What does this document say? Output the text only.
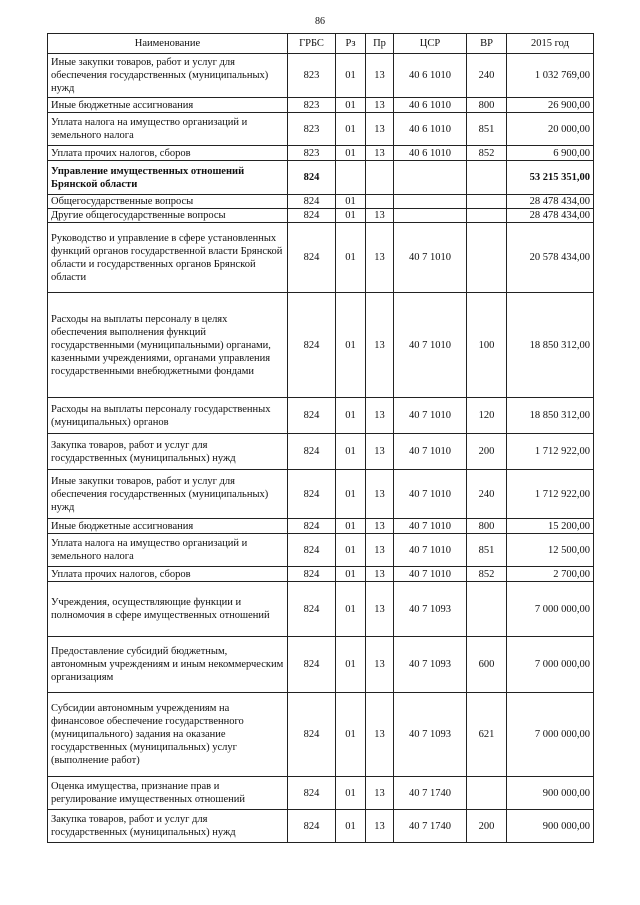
86
Наименование	ГРБС	Рз	Пр	ЦСР	ВР	2015 год
Иные закупки товаров, работ и услуг для обеспечения государственных (муниципальных) нужд	823	01	13	40 6 1010	240	1 032 769,00
Иные бюджетные ассигнования	823	01	13	40 6 1010	800	26 900,00
Уплата налога на имущество организаций и земельного налога	823	01	13	40 6 1010	851	20 000,00
Уплата прочих налогов, сборов	823	01	13	40 6 1010	852	6 900,00
Управление имущественных отношений Брянской области	824					53 215 351,00
Общегосударственные вопросы	824	01				28 478 434,00
Другие общегосударственные вопросы	824	01	13			28 478 434,00
Руководство и управление в сфере установленных функций органов государственной власти Брянской области и государственных органов Брянской области	824	01	13	40 7 1010		20 578 434,00
Расходы на выплаты персоналу в целях обеспечения выполнения функций государственными (муниципальными) органами, казенными учреждениями, органами управления государственными внебюджетными фондами	824	01	13	40 7 1010	100	18 850 312,00
Расходы на выплаты персоналу государственных (муниципальных) органов	824	01	13	40 7 1010	120	18 850 312,00
Закупка товаров, работ и услуг для государственных (муниципальных) нужд	824	01	13	40 7 1010	200	1 712 922,00
Иные закупки товаров, работ и услуг для обеспечения государственных (муниципальных) нужд	824	01	13	40 7 1010	240	1 712 922,00
Иные бюджетные ассигнования	824	01	13	40 7 1010	800	15 200,00
Уплата налога на имущество организаций и земельного налога	824	01	13	40 7 1010	851	12 500,00
Уплата прочих налогов, сборов	824	01	13	40 7 1010	852	2 700,00
Учреждения, осуществляющие функции и полномочия в сфере имущественных отношений	824	01	13	40 7 1093		7 000 000,00
Предоставление субсидий бюджетным, автономным учреждениям и иным некоммерческим организациям	824	01	13	40 7 1093	600	7 000 000,00
Субсидии автономным учреждениям на финансовое обеспечение государственного (муниципального) задания на оказание государственных (муниципальных) услуг (выполнение работ)	824	01	13	40 7 1093	621	7 000 000,00
Оценка имущества, признание прав и регулирование имущественных отношений	824	01	13	40 7 1740		900 000,00
Закупка товаров, работ и услуг для государственных (муниципальных) нужд	824	01	13	40 7 1740	200	900 000,00
